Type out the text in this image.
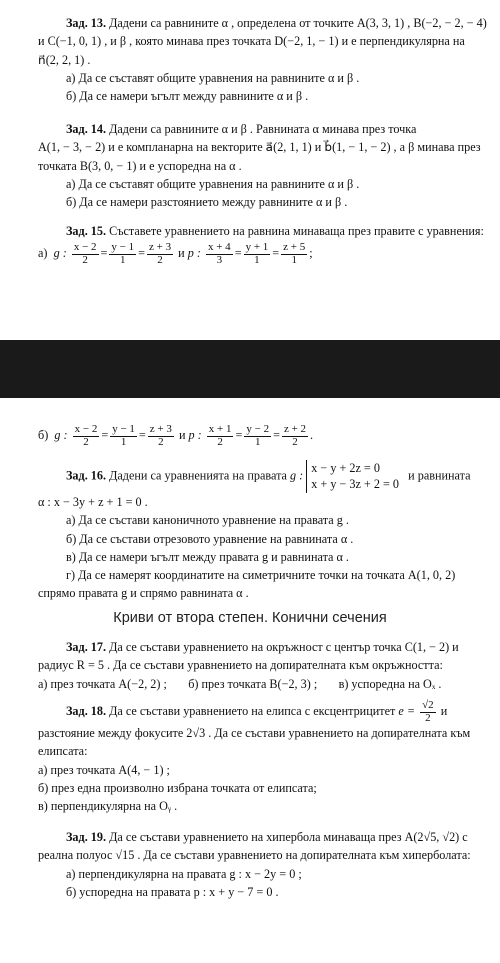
Зад. 13. Дадени са равнините α , определена от точките A(3, 3, 1) , B(−2, − 2, − 4)
и C(−1, 0, 1) , и β , която минава през точката D(−2, 1, − 1) и е перпендикулярна на
n⃗(2, 2, 1) .
а) Да се съставят общите уравнения на равнините α и β .
б) Да се намери ъгълт между равнините α и β .
Зад. 14. Дадени са равнините α и β . Равнината α минава през точка
A(1, − 3, − 2) и е компланарна на векторите a⃗(2, 1, 1) и b⃗(1, − 1, − 2) , а β минава през
точката B(3, 0, − 1) и е успоредна на α .
а) Да се съставят общите уравнения на равнините α и β .
б) Да се намери разстоянието между равнините α и β .
Зад. 15. Съставете уравнението на равнина минаваща през правите с уравнения:
а) g : $\frac{x - 2}{2} = \frac{y - 1}{1} = \frac{z + 3}{2}$ и p : $\frac{x + 4}{3} = \frac{y + 1}{1} = \frac{z + 5}{1}$ ;
б) g : $\frac{x - 2}{2} = \frac{y - 1}{1} = \frac{z + 3}{2}$ и p : $\frac{x + 1}{2} = \frac{y - 2}{1} = \frac{z + 2}{2}$ .
Зад. 16. Дадени са уравненията на правата g :
x − y + 2z = 0
x + y − 3z + 2 = 0
и равнината
α : x − 3y + z + 1 = 0 .
а) Да се състави каноничното уравнение на правата g .
б) Да се състави отрезовото уравнение на равнината α .
в) Да се намери ъгълт между правата g и равнината α .
г) Да се намерят координатите на симетричните точки на точката A(1, 0, 2)
спрямо правата g и спрямо равнината α .
Криви от втора степен. Конични сечения
Зад. 17. Да се състави уравнението на окръжност с център точка C(1, − 2) и
радиус R = 5 . Да се състави уравнението на допирателната към окръжността:
а) през точката A(−2, 2) ; б) през точката B(−2, 3) ; в) успоредна на Oₓ .
Зад. 18. Да се състави уравнението на елипса с ексцентрицитет $e = \frac{√2}{2}$ и
разстояние между фокусите 2√3 . Да се състави уравнението на допирателната към
елипсата:
а) през точката A(4, − 1) ;
б) през една произволно избрана точката от елипсата;
в) перпендикулярна на Oᵧ .
Зад. 19. Да се състави уравнението на хипербола минаваща през A(2√5, √2) с
реална полуос √15 . Да се състави уравнението на допирателната към хиперболата:
а) перпендикулярна на правата g : x − 2y = 0 ;
б) успоредна на правата p : x + y − 7 = 0 .
